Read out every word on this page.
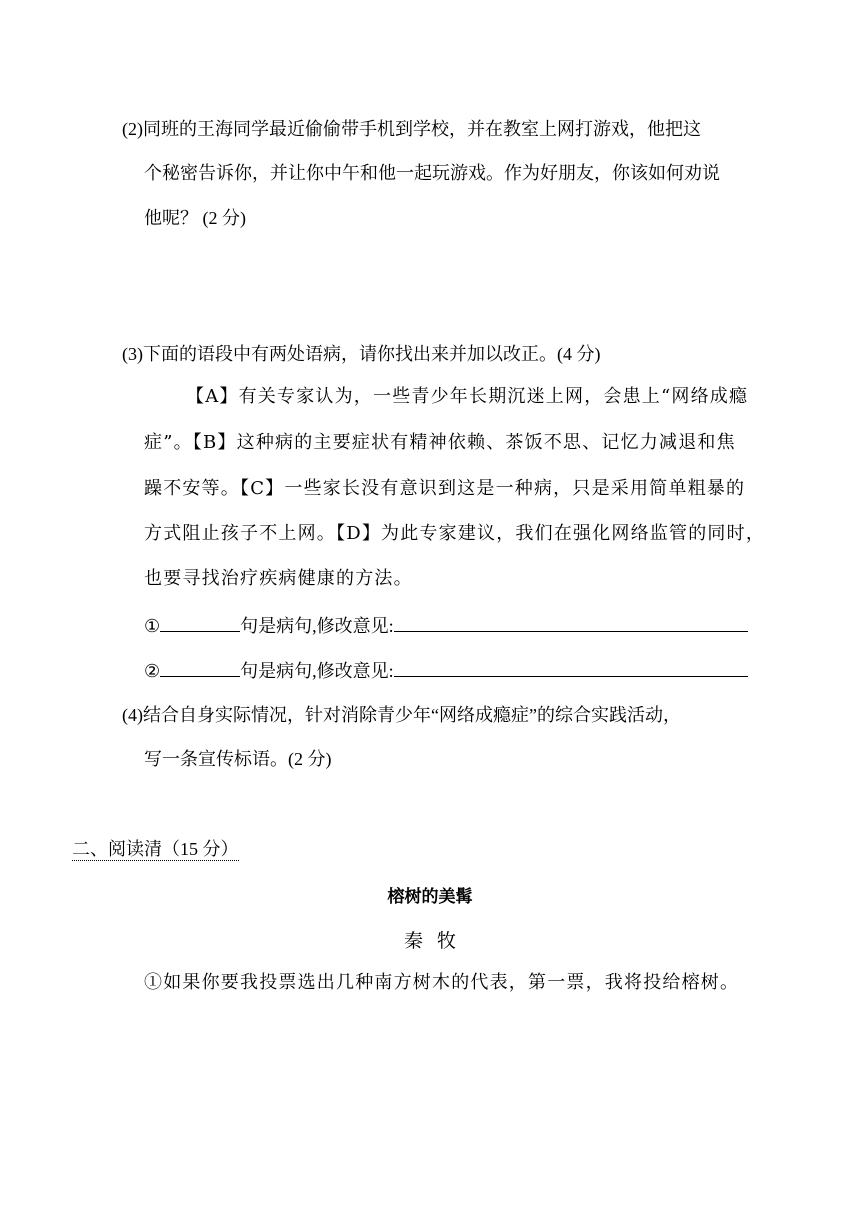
(2)同班的王海同学最近偷偷带手机到学校，并在教室上网打游戏，他把这
个秘密告诉你，并让你中午和他一起玩游戏。作为好朋友，你该如何劝说
他呢？ (2 分)
(3)下面的语段中有两处语病，请你找出来并加以改正。(4 分)
【A】有关专家认为，一些青少年长期沉迷上网，会患上“网络成瘾
症”。【B】这种病的主要症状有精神依赖、茶饭不思、记忆力减退和焦
躁不安等。【C】一些家长没有意识到这是一种病，只是采用简单粗暴的
方式阻止孩子不上网。【D】为此专家建议，我们在强化网络监管的同时，
也要寻找治疗疾病健康的方法。
①	句是病句,修改意见:
②	句是病句,修改意见:
(4)结合自身实际情况，针对消除青少年“网络成瘾症”的综合实践活动，
写一条宣传标语。(2 分)
二、阅读清（15 分）
榕树的美髯
秦牧
①如果你要我投票选出几种南方树木的代表，第一票，我将投给榕树。
